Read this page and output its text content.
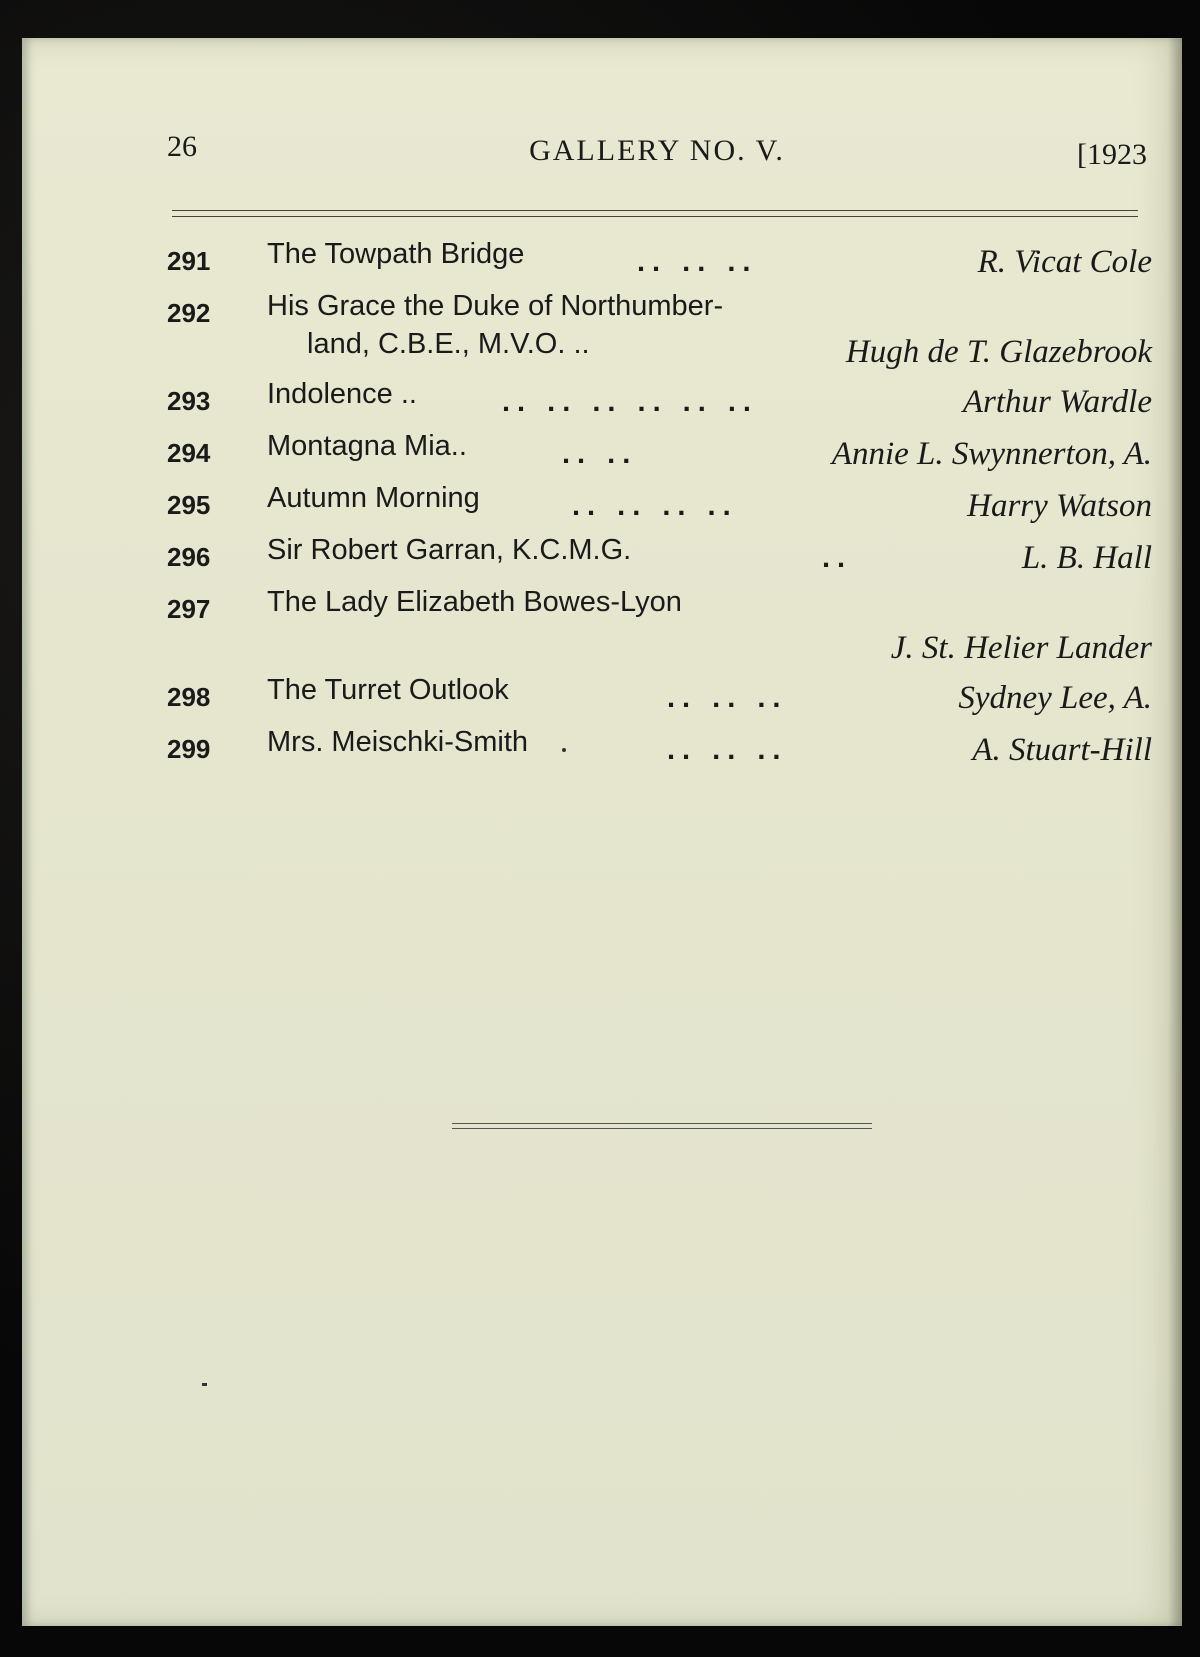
26	GALLERY NO. V.	[1923
291 The Towpath Bridge	.. .. ..	R. Vicat Cole
292 His Grace the Duke of Northumber-
land, C.B.E., M.V.O. ..	Hugh de T. Glazebrook
293 Indolence ..	.. .. .. .. .. ..	Arthur Wardle
294 Montagna Mia..	.. ..	Annie L. Swynnerton, A.
295 Autumn Morning	.. .. .. ..	Harry Watson
296 Sir Robert Garran, K.C.M.G.	..	L. B. Hall
297 The Lady Elizabeth Bowes-Lyon
J. St. Helier Lander
298 The Turret Outlook	.. .. ..	Sydney Lee, A.
299 Mrs. Meischki-Smith	.. .. ..	A. Stuart-Hill
